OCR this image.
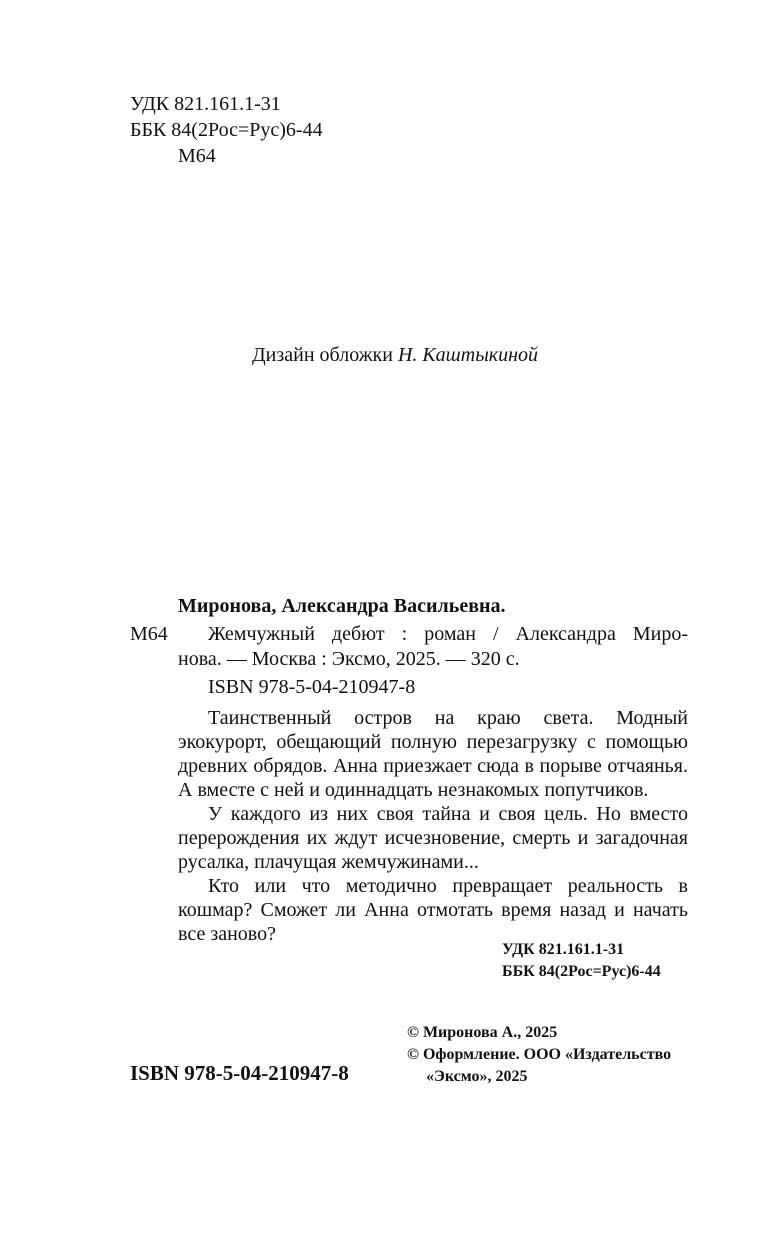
УДК 821.161.1-31
ББК 84(2Рос=Рус)6-44
М64
Дизайн обложки Н. Каштыкиной
Миронова, Александра Васильевна.
М64 Жемчужный дебют : роман / Александра Миро-
нова. — Москва : Эксмо, 2025. — 320 с.
ISBN 978-5-04-210947-8

Таинственный остров на краю света. Модный экокурорт, обещающий полную перезагрузку с помощью древних обрядов. Анна приезжает сюда в порыве отчаянья. А вместе с ней и одиннадцать незнакомых попутчиков.

У каждого из них своя тайна и своя цель. Но вместо перерождения их ждут исчезновение, смерть и загадочная русалка, плачущая жемчужинами...

Кто или что методично превращает реальность в кошмар? Сможет ли Анна отмотать время назад и начать все заново?

УДК 821.161.1-31
ББК 84(2Рос=Рус)6-44
ISBN 978-5-04-210947-8
© Миронова А., 2025
© Оформление. ООО «Издательство
«Эксмо», 2025
